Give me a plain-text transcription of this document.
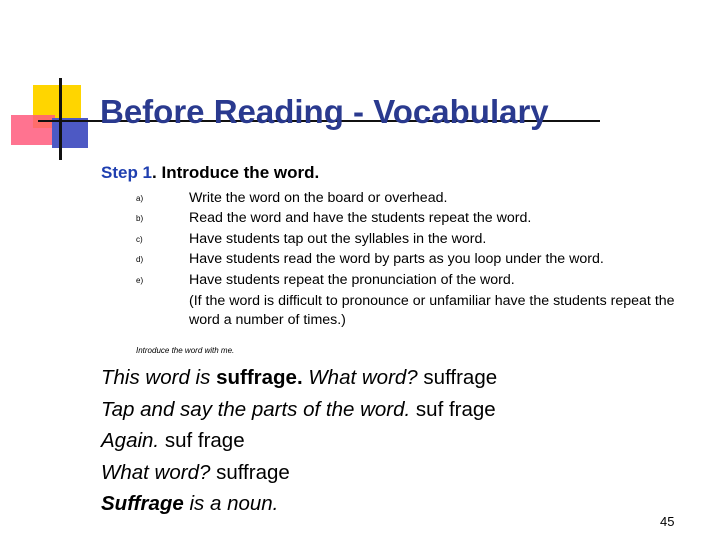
Before Reading - Vocabulary
Step 1. Introduce the word.
a)	Write the word on the board or overhead.
b)	Read the word and have the students repeat the word.
c)	Have students tap out the syllables in the word.
d)	Have students read the word by parts as you loop under the word.
e)	Have students repeat the pronunciation of the word.
(If the word is difficult to pronounce or unfamiliar have the students repeat the word a number of times.)
Introduce the word with me.
This word is suffrage. What word? suffrage
Tap and say the parts of the word. suf frage
Again. suf frage
What word? suffrage
Suffrage is a noun.
45
